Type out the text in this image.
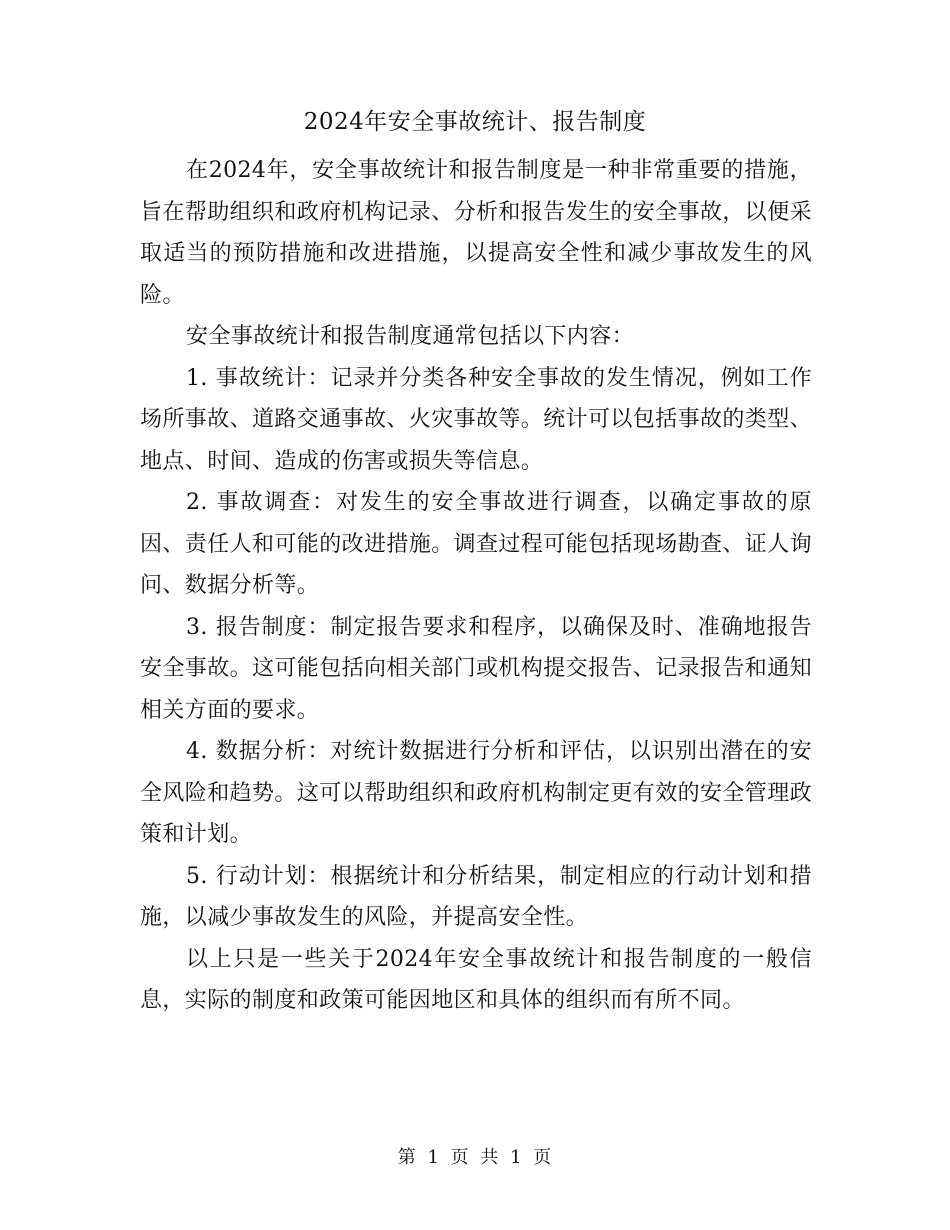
2024年安全事故统计、报告制度

在2024年，安全事故统计和报告制度是一种非常重要的措施，旨在帮助组织和政府机构记录、分析和报告发生的安全事故，以便采取适当的预防措施和改进措施，以提高安全性和减少事故发生的风险。

安全事故统计和报告制度通常包括以下内容：

1. 事故统计：记录并分类各种安全事故的发生情况，例如工作场所事故、道路交通事故、火灾事故等。统计可以包括事故的类型、地点、时间、造成的伤害或损失等信息。

2. 事故调查：对发生的安全事故进行调查，以确定事故的原因、责任人和可能的改进措施。调查过程可能包括现场勘查、证人询问、数据分析等。

3. 报告制度：制定报告要求和程序，以确保及时、准确地报告安全事故。这可能包括向相关部门或机构提交报告、记录报告和通知相关方面的要求。

4. 数据分析：对统计数据进行分析和评估，以识别出潜在的安全风险和趋势。这可以帮助组织和政府机构制定更有效的安全管理政策和计划。

5. 行动计划：根据统计和分析结果，制定相应的行动计划和措施，以减少事故发生的风险，并提高安全性。

以上只是一些关于2024年安全事故统计和报告制度的一般信息，实际的制度和政策可能因地区和具体的组织而有所不同。

第 1 页 共 1 页
